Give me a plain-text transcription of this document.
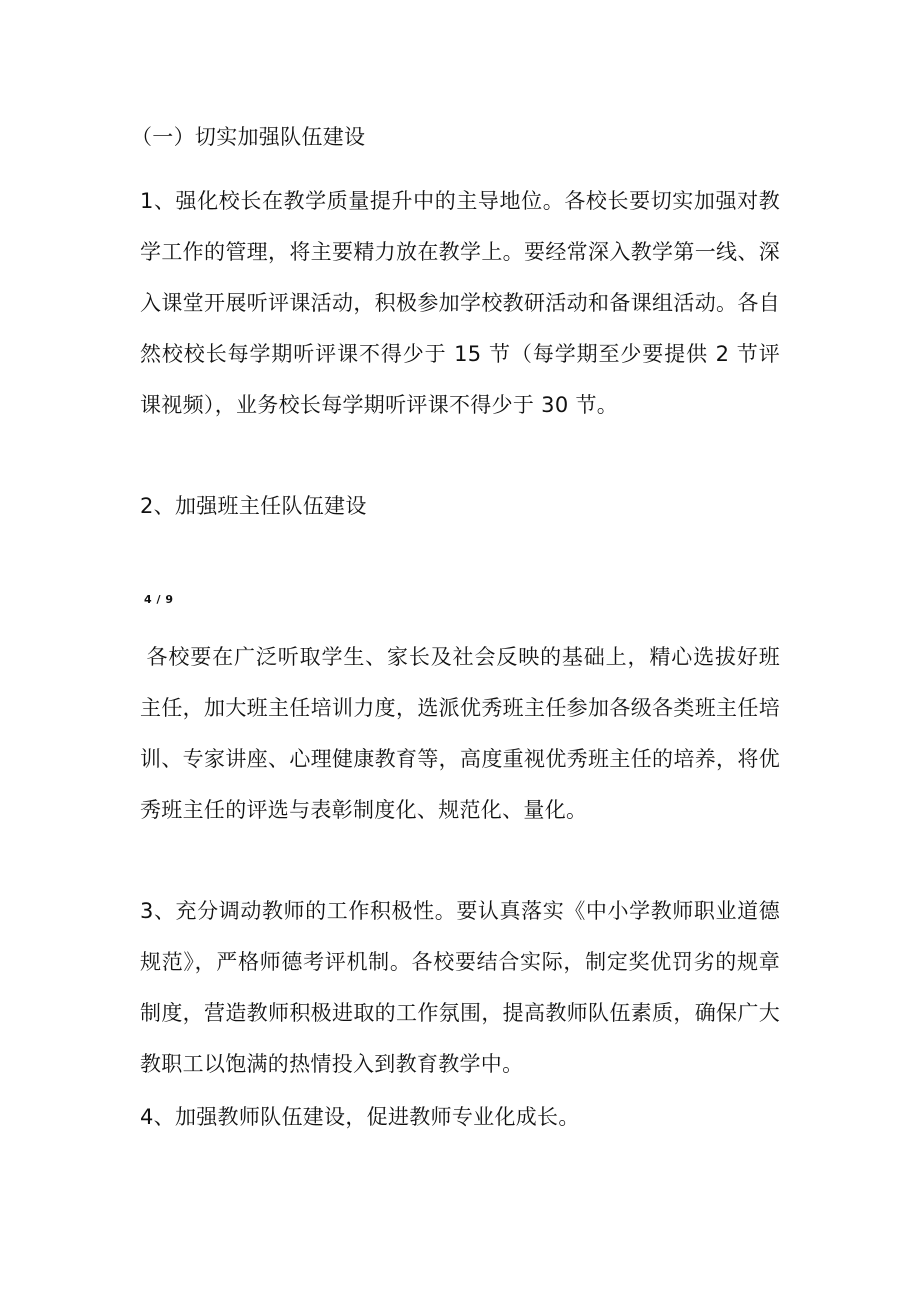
（一）切实加强队伍建设

1、强化校长在教学质量提升中的主导地位。各校长要切实加强对教学工作的管理，将主要精力放在教学上。要经常深入教学第一线、深入课堂开展听评课活动，积极参加学校教研活动和备课组活动。各自然校校长每学期听评课不得少于 15 节（每学期至少要提供 2 节评课视频），业务校长每学期听评课不得少于 30 节。

2、加强班主任队伍建设

4 / 9

各校要在广泛听取学生、家长及社会反映的基础上，精心选拔好班主任，加大班主任培训力度，选派优秀班主任参加各级各类班主任培训、专家讲座、心理健康教育等，高度重视优秀班主任的培养，将优秀班主任的评选与表彰制度化、规范化、量化。

3、充分调动教师的工作积极性。要认真落实《中小学教师职业道德规范》，严格师德考评机制。各校要结合实际，制定奖优罚劣的规章制度，营造教师积极进取的工作氛围，提高教师队伍素质，确保广大教职工以饱满的热情投入到教育教学中。

4、加强教师队伍建设，促进教师专业化成长。
